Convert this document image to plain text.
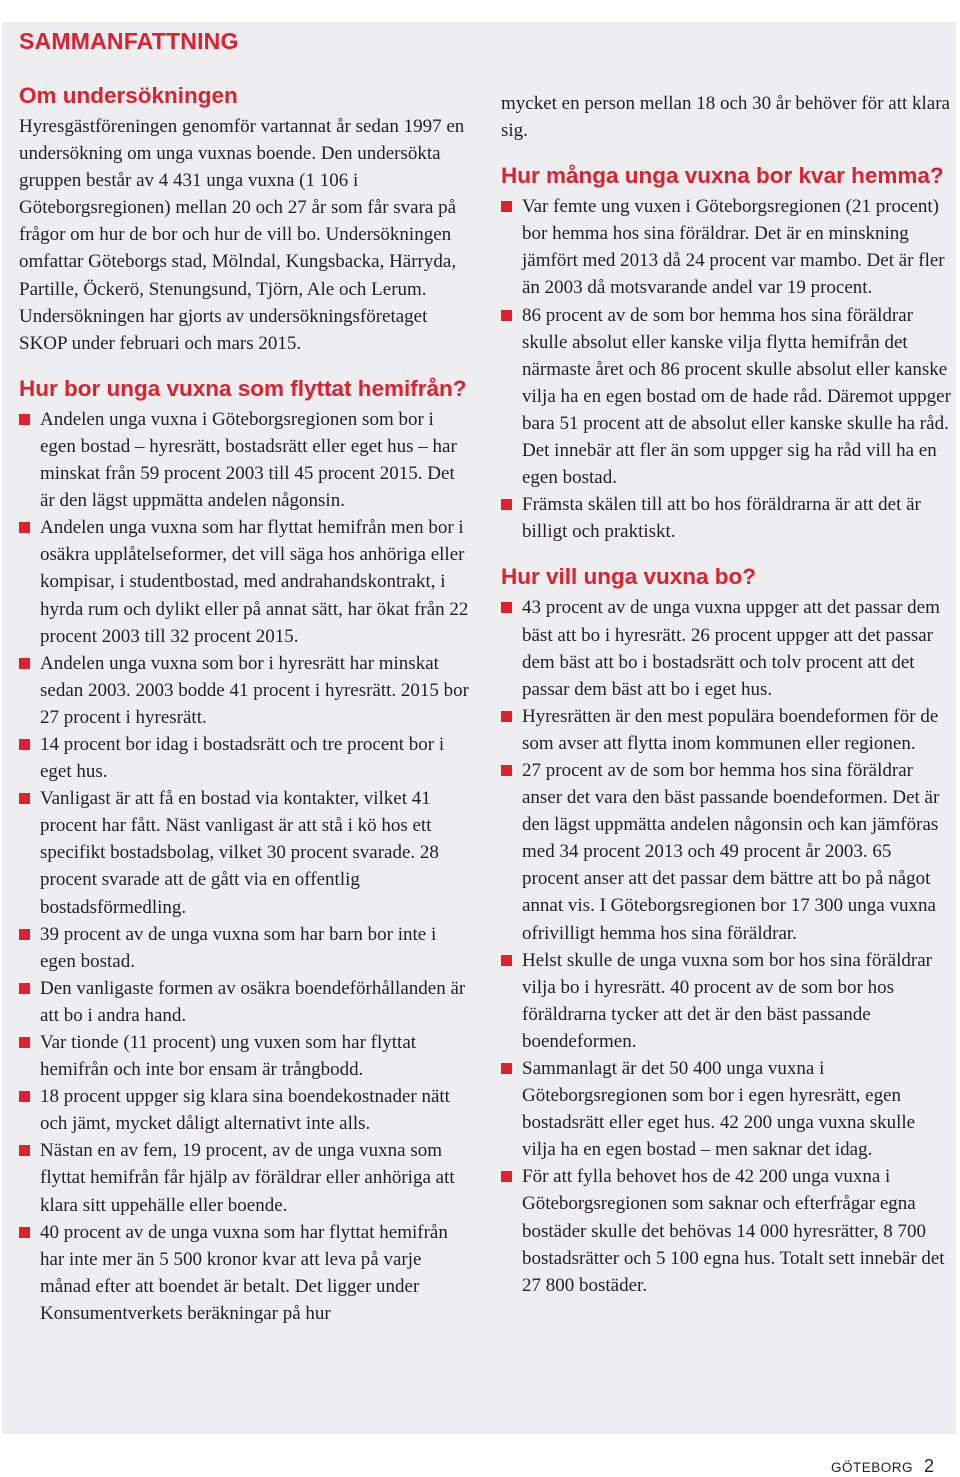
SAMMANFATTNING
Om undersökningen

Hyresgästföreningen genomför vartannat år sedan 1997 en undersökning om unga vuxnas boende. Den undersökta gruppen består av 4 431 unga vuxna (1 106 i Göteborgsregionen) mellan 20 och 27 år som får svara på frågor om hur de bor och hur de vill bo. Undersökningen omfattar Göteborgs stad, Mölndal, Kungsbacka, Härryda, Partille, Öckerö, Stenungsund, Tjörn, Ale och Lerum. Undersökningen har gjorts av undersökningsföretaget SKOP under februari och mars 2015.

Hur bor unga vuxna som flyttat hemifrån?
Andelen unga vuxna i Göteborgsregionen som bor i egen bostad – hyresrätt, bostadsrätt eller eget hus – har minskat från 59 procent 2003 till 45 procent 2015. Det är den lägst uppmätta andelen någonsin.
Andelen unga vuxna som har flyttat hemifrån men bor i osäkra upplåtelseformer, det vill säga hos anhöriga eller kompisar, i studentbostad, med andrahandskontrakt, i hyrda rum och dylikt eller på annat sätt, har ökat från 22 procent 2003 till 32 procent 2015.
Andelen unga vuxna som bor i hyresrätt har minskat sedan 2003. 2003 bodde 41 procent i hyresrätt. 2015 bor 27 procent i hyresrätt.
14 procent bor idag i bostadsrätt och tre procent bor i eget hus.
Vanligast är att få en bostad via kontakter, vilket 41 procent har fått. Näst vanligast är att stå i kö hos ett specifikt bostadsbolag, vilket 30 procent svarade. 28 procent svarade att de gått via en offentlig bostadsförmedling.
39 procent av de unga vuxna som har barn bor inte i egen bostad.
Den vanligaste formen av osäkra boendeförhållanden är att bo i andra hand.
Var tionde (11 procent) ung vuxen som har flyttat hemifrån och inte bor ensam är trångbodd.
18 procent uppger sig klara sina boendekostnader nätt och jämt, mycket dåligt alternativt inte alls.
Nästan en av fem, 19 procent, av de unga vuxna som flyttat hemifrån får hjälp av föräldrar eller anhöriga att klara sitt uppehälle eller boende.
40 procent av de unga vuxna som har flyttat hemifrån har inte mer än 5 500 kronor kvar att leva på varje månad efter att boendet är betalt. Det ligger under Konsumentverkets beräkningar på hur

mycket en person mellan 18 och 30 år behöver för att klara sig.

Hur många unga vuxna bor kvar hemma?
Var femte ung vuxen i Göteborgsregionen (21 procent) bor hemma hos sina föräldrar. Det är en minskning jämfört med 2013 då 24 procent var mambo. Det är fler än 2003 då motsvarande andel var 19 procent.
86 procent av de som bor hemma hos sina föräldrar skulle absolut eller kanske vilja flytta hemifrån det närmaste året och 86 procent skulle absolut eller kanske vilja ha en egen bostad om de hade råd. Däremot uppger bara 51 procent att de absolut eller kanske skulle ha råd. Det innebär att fler än som uppger sig ha råd vill ha en egen bostad.
Främsta skälen till att bo hos föräldrarna är att det är billigt och praktiskt.
Hur vill unga vuxna bo?
43 procent av de unga vuxna uppger att det passar dem bäst att bo i hyresrätt. 26 procent uppger att det passar dem bäst att bo i bostadsrätt och tolv procent att det passar dem bäst att bo i eget hus.
Hyresrätten är den mest populära boendeformen för de som avser att flytta inom kommunen eller regionen.
27 procent av de som bor hemma hos sina föräldrar anser det vara den bäst passande boendeformen. Det är den lägst uppmätta andelen någonsin och kan jämföras med 34 procent 2013 och 49 procent år 2003. 65 procent anser att det passar dem bättre att bo på något annat vis. I Göteborgsregionen bor 17 300 unga vuxna ofrivilligt hemma hos sina föräldrar.
Helst skulle de unga vuxna som bor hos sina föräldrar vilja bo i hyresrätt. 40 procent av de som bor hos föräldrarna tycker att det är den bäst passande boendeformen.
Sammanlagt är det 50 400 unga vuxna i Göteborgsregionen som bor i egen hyresrätt, egen bostadsrätt eller eget hus. 42 200 unga vuxna skulle vilja ha en egen bostad – men saknar det idag.
För att fylla behovet hos de 42 200 unga vuxna i Göteborgsregionen som saknar och efterfrågar egna bostäder skulle det behövas 14 000 hyresrätter, 8 700 bostadsrätter och 5 100 egna hus. Totalt sett innebär det 27 800 bostäder.
GÖTEBORG 2
